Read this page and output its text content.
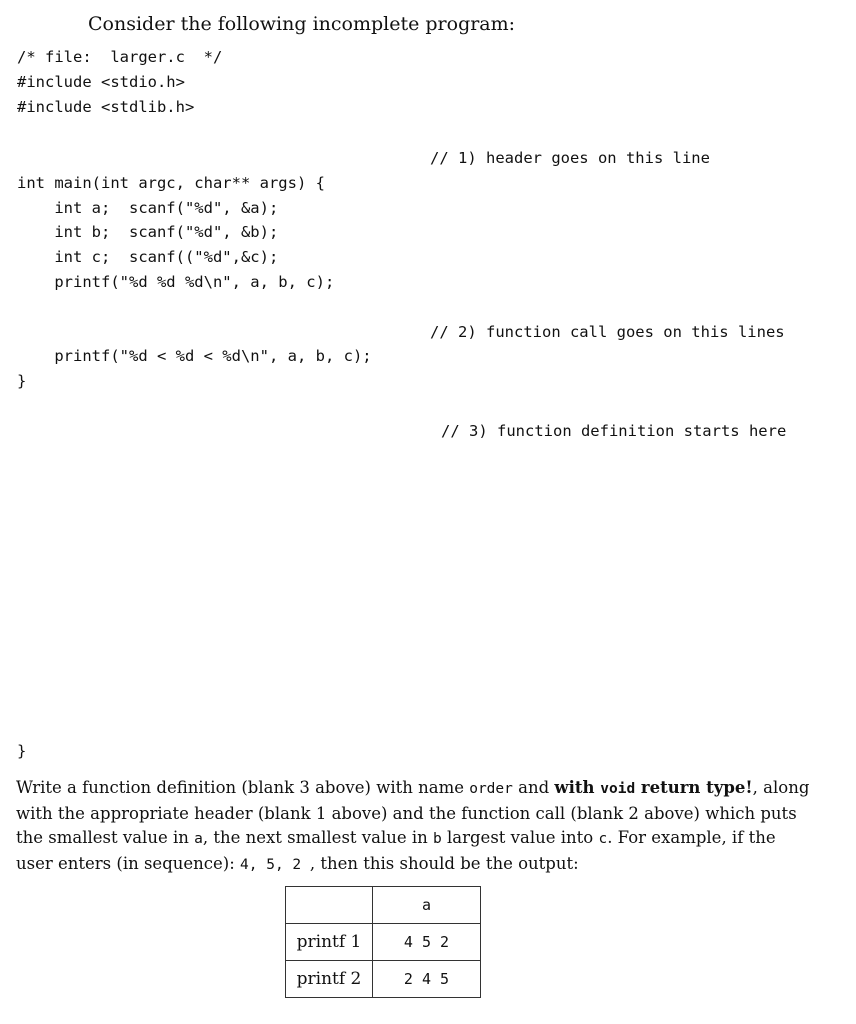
Consider the following incomplete program:
/* file:  larger.c  */
#include <stdio.h>
#include <stdlib.h>
// 1) header goes on this line
int main(int argc, char** args) {
int a;  scanf("%d", &a);
int b;  scanf("%d", &b);
int c;  scanf(("%d",&c);
printf("%d %d %d\n", a, b, c);
// 2) function call goes on this lines
printf("%d < %d < %d\n", a, b, c);
}
// 3) function definition starts here
}
Write a function definition (blank 3 above) with name order and with void return type!, along with the appropriate header (blank 1 above) and the function call (blank 2 above) which puts the smallest value in a, the next smallest value in b largest value into c. For example, if the user enters (in sequence): 4, 5, 2 , then this should be the output:
	a
printf 1	4 5 2
printf 2	2 4 5
